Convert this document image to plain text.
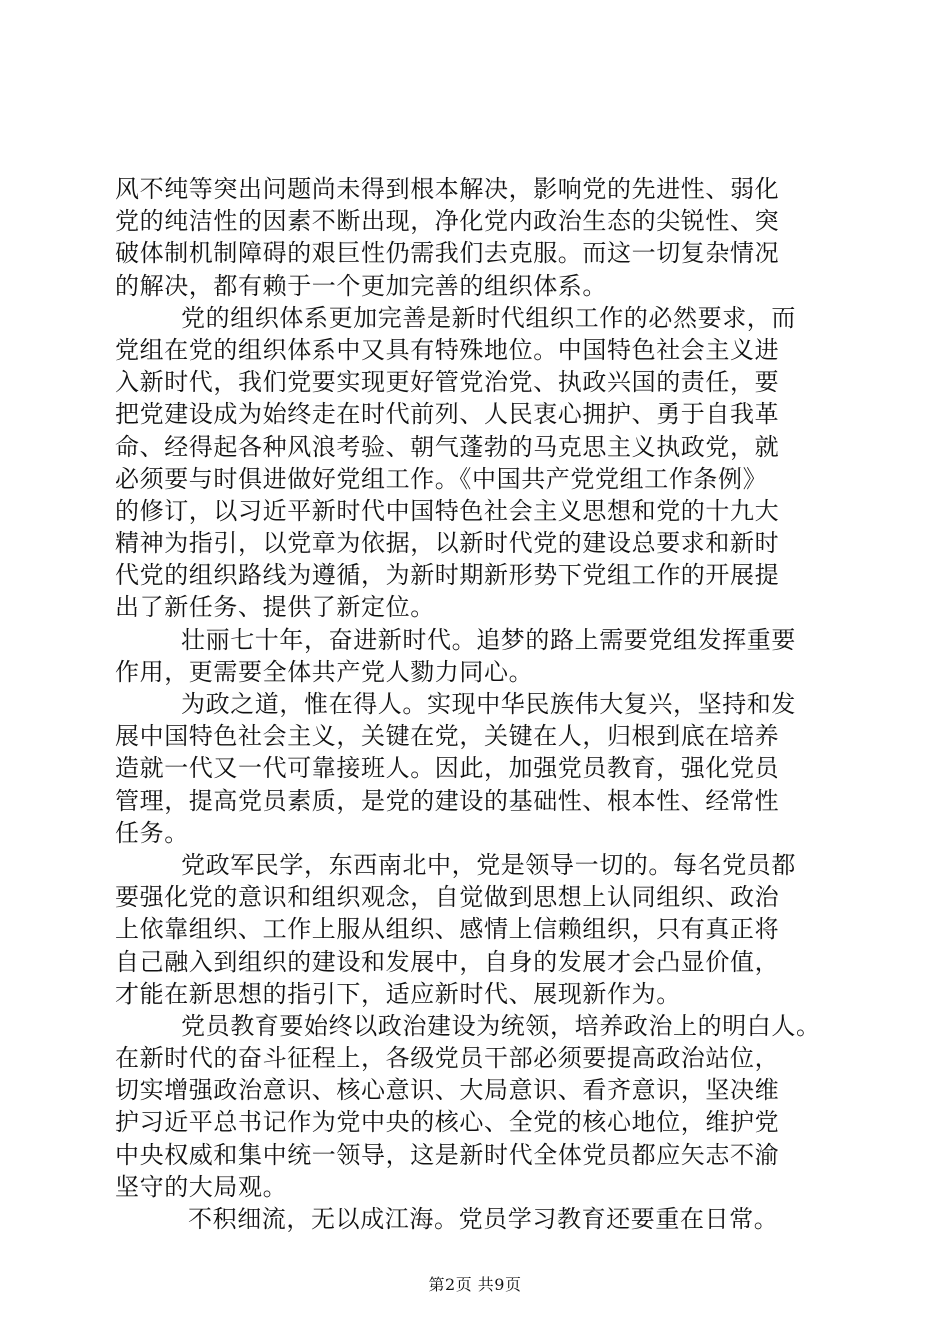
风不纯等突出问题尚未得到根本解决，影响党的先进性、弱化
党的纯洁性的因素不断出现，净化党内政治生态的尖锐性、突
破体制机制障碍的艰巨性仍需我们去克服。而这一切复杂情况
的解决，都有赖于一个更加完善的组织体系。
党的组织体系更加完善是新时代组织工作的必然要求，而
党组在党的组织体系中又具有特殊地位。中国特色社会主义进
入新时代，我们党要实现更好管党治党、执政兴国的责任，要
把党建设成为始终走在时代前列、人民衷心拥护、勇于自我革
命、经得起各种风浪考验、朝气蓬勃的马克思主义执政党，就
必须要与时俱进做好党组工作。《中国共产党党组工作条例》
的修订，以习近平新时代中国特色社会主义思想和党的十九大
精神为指引，以党章为依据，以新时代党的建设总要求和新时
代党的组织路线为遵循，为新时期新形势下党组工作的开展提
出了新任务、提供了新定位。
壮丽七十年，奋进新时代。追梦的路上需要党组发挥重要
作用，更需要全体共产党人勠力同心。
为政之道，惟在得人。实现中华民族伟大复兴，坚持和发
展中国特色社会主义，关键在党，关键在人，归根到底在培养
造就一代又一代可靠接班人。因此，加强党员教育，强化党员
管理，提高党员素质，是党的建设的基础性、根本性、经常性
任务。
党政军民学，东西南北中，党是领导一切的。每名党员都
要强化党的意识和组织观念，自觉做到思想上认同组织、政治
上依靠组织、工作上服从组织、感情上信赖组织，只有真正将
自己融入到组织的建设和发展中，自身的发展才会凸显价值，
才能在新思想的指引下，适应新时代、展现新作为。
党员教育要始终以政治建设为统领，培养政治上的明白人。
在新时代的奋斗征程上，各级党员干部必须要提高政治站位，
切实增强政治意识、核心意识、大局意识、看齐意识，坚决维
护习近平总书记作为党中央的核心、全党的核心地位，维护党
中央权威和集中统一领导，这是新时代全体党员都应矢志不渝
坚守的大局观。
不积细流，无以成江海。党员学习教育还要重在日常。
第2页 共9页
